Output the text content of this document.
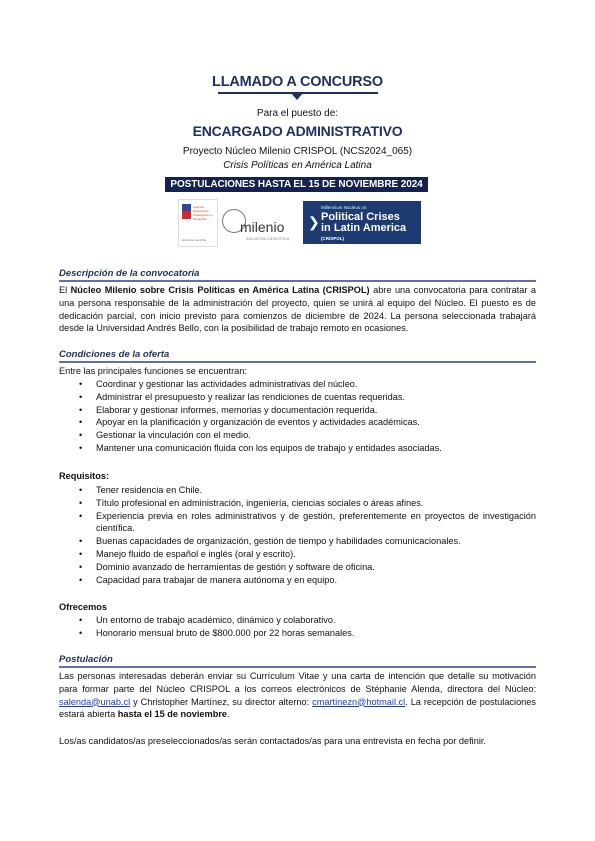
LLAMADO A CONCURSO
Para el puesto de:
ENCARGADO ADMINISTRATIVO
Proyecto Núcleo Milenio CRISPOL (NCS2024_065)
Crisis Políticas en América Latina
POSTULACIONES HASTA EL 15 DE NOVIEMBRE 2024
Agencia Nacional de Investigación y Desarrollo
Gobierno de Chile
milenio
INICIATIVA CIENTÍFICA
❯
Millennium Nucleus on
Political Crises
in Latin America
(CRISPOL)
Descripción de la convocatoria
El Núcleo Milenio sobre Crisis Políticas en América Latina (CRISPOL) abre una convocatoria para contratar a una persona responsable de la administración del proyecto, quien se unirá al equipo del Núcleo. El puesto es de dedicación parcial, con inicio previsto para comienzos de diciembre de 2024. La persona seleccionada trabajará desde la Universidad Andrés Bello, con la posibilidad de trabajo remoto en ocasiones.
Condiciones de la oferta
Entre las principales funciones se encuentran:
• Coordinar y gestionar las actividades administrativas del núcleo.
• Administrar el presupuesto y realizar las rendiciones de cuentas requeridas.
• Elaborar y gestionar informes, memorias y documentación requerida.
• Apoyar en la planificación y organización de eventos y actividades académicas.
• Gestionar la vinculación con el medio.
• Mantener una comunicación fluida con los equipos de trabajo y entidades asociadas.
Requisitos:
• Tener residencia en Chile.
• Título profesional en administración, ingeniería, ciencias sociales o áreas afines.
• Experiencia previa en roles administrativos y de gestión, preferentemente en proyectos de investigación científica.
• Buenas capacidades de organización, gestión de tiempo y habilidades comunicacionales.
• Manejo fluido de español e inglés (oral y escrito).
• Dominio avanzado de herramientas de gestión y software de oficina.
• Capacidad para trabajar de manera autónoma y en equipo.
Ofrecemos
• Un entorno de trabajo académico, dinámico y colaborativo.
• Honorario mensual bruto de $800.000 por 22 horas semanales.
Postulación
Las personas interesadas deberán enviar su Currículum Vitae y una carta de intención que detalle su motivación para formar parte del Núcleo CRISPOL a los correos electrónicos de Stéphanie Alenda, directora del Núcleo: salenda@unab.cl y Christopher Martínez, su director alterno: cmartinezn@hotmail.cl. La recepción de postulaciones estará abierta hasta el 15 de noviembre.
Los/as candidatos/as preseleccionados/as serán contactados/as para una entrevista en fecha por definir.
